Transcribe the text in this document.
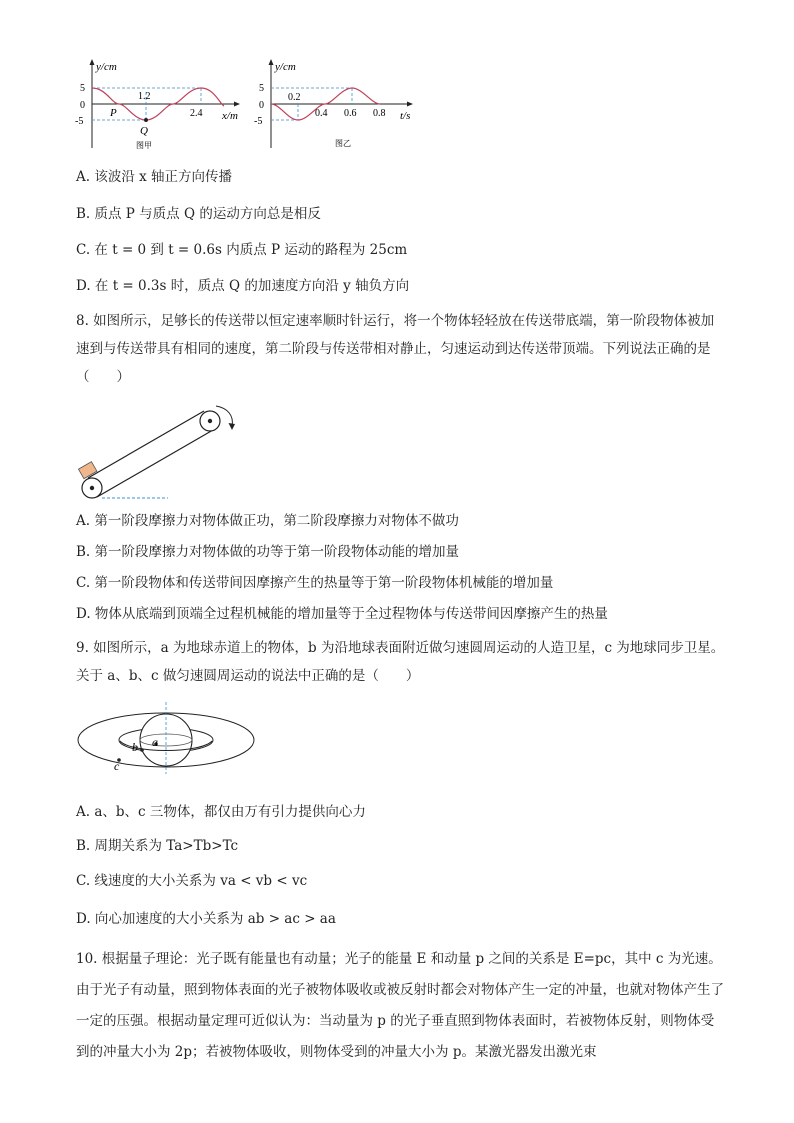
y/cm
x/m
5
0
-5
1.2
2.4
P
Q
图甲
y/cm
t/s
5
0
-5
0.2
0.4 0.6 0.8
图乙
A. 该波沿 x 轴正方向传播
B. 质点 P 与质点 Q 的运动方向总是相反
C. 在 t = 0 到 t = 0.6s 内质点 P 运动的路程为 25cm
D. 在 t = 0.3s 时，质点 Q 的加速度方向沿 y 轴负方向
8. 如图所示，足够长的传送带以恒定速率顺时针运行，将一个物体轻轻放在传送带底端，第一阶段物体被加速到与传送带具有相同的速度，第二阶段与传送带相对静止，匀速运动到达传送带顶端。下列说法正确的是（　　）
A. 第一阶段摩擦力对物体做正功，第二阶段摩擦力对物体不做功
B. 第一阶段摩擦力对物体做的功等于第一阶段物体动能的增加量
C. 第一阶段物体和传送带间因摩擦产生的热量等于第一阶段物体机械能的增加量
D. 物体从底端到顶端全过程机械能的增加量等于全过程物体与传送带间因摩擦产生的热量
9. 如图所示，a 为地球赤道上的物体，b 为沿地球表面附近做匀速圆周运动的人造卫星，c 为地球同步卫星。关于 a、b、c 做匀速圆周运动的说法中正确的是（　　）
a
b
c
A. a、b、c 三物体，都仅由万有引力提供向心力
B. 周期关系为 Ta>Tb>Tc
C. 线速度的大小关系为 va < vb < vc
D. 向心加速度的大小关系为 ab > ac > aa
10. 根据量子理论：光子既有能量也有动量；光子的能量 E 和动量 p 之间的关系是 E=pc，其中 c 为光速。由于光子有动量，照到物体表面的光子被物体吸收或被反射时都会对物体产生一定的冲量，也就对物体产生了一定的压强。根据动量定理可近似认为：当动量为 p 的光子垂直照到物体表面时，若被物体反射，则物体受到的冲量大小为 2p；若被物体吸收，则物体受到的冲量大小为 p。某激光器发出激光束
